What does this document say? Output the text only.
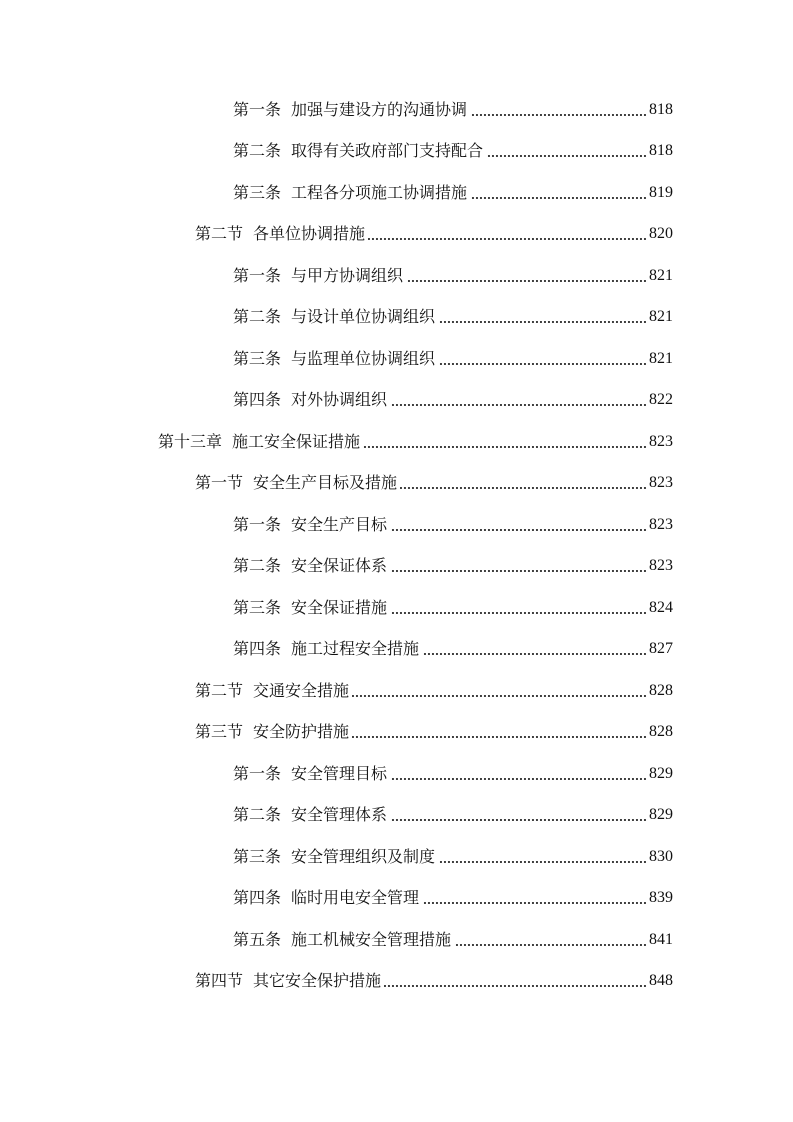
第一条 加强与建设方的沟通协调	818
第二条 取得有关政府部门支持配合	818
第三条 工程各分项施工协调措施	819
第二节 各单位协调措施	820
第一条 与甲方协调组织	821
第二条 与设计单位协调组织	821
第三条 与监理单位协调组织	821
第四条 对外协调组织	822
第十三章 施工安全保证措施	823
第一节 安全生产目标及措施	823
第一条 安全生产目标	823
第二条 安全保证体系	823
第三条 安全保证措施	824
第四条 施工过程安全措施	827
第二节 交通安全措施	828
第三节 安全防护措施	828
第一条 安全管理目标	829
第二条 安全管理体系	829
第三条 安全管理组织及制度	830
第四条 临时用电安全管理	839
第五条 施工机械安全管理措施	841
第四节 其它安全保护措施	848
